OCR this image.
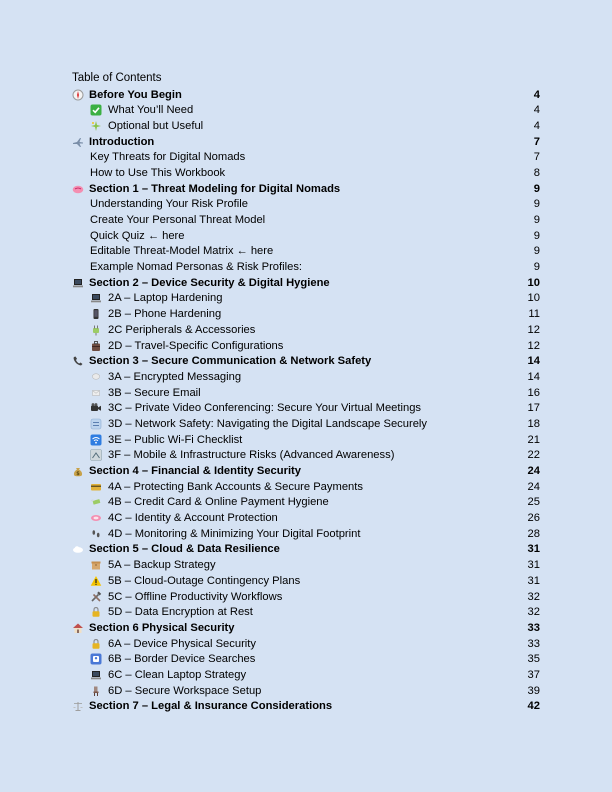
Table of Contents
Before You Begin	4
What You’ll Need	4
Optional but Useful	4
Introduction	7
Key Threats for Digital Nomads	7
How to Use This Workbook	8
Section 1 – Threat Modeling for Digital Nomads	9
Understanding Your Risk Profile	9
Create Your Personal Threat Model	9
Quick Quiz ← here	9
Editable Threat-Model Matrix ← here	9
Example Nomad Personas & Risk Profiles:	9
Section 2 – Device Security & Digital Hygiene	10
2A – Laptop Hardening	10
2B – Phone Hardening	11
2C Peripherals & Accessories	12
2D – Travel-Specific Configurations	12
Section 3 – Secure Communication & Network Safety	14
3A – Encrypted Messaging	14
3B – Secure Email	16
3C – Private Video Conferencing: Secure Your Virtual Meetings	17
3D – Network Safety: Navigating the Digital Landscape Securely	18
3E – Public Wi-Fi Checklist	21
3F – Mobile & Infrastructure Risks (Advanced Awareness)	22
$ Section 4 – Financial & Identity Security	24
4A – Protecting Bank Accounts & Secure Payments	24
4B – Credit Card & Online Payment Hygiene	25
4C – Identity & Account Protection	26
4D – Monitoring & Minimizing Your Digital Footprint	28
Section 5 – Cloud & Data Resilience	31
5A – Backup Strategy	31
5B – Cloud-Outage Contingency Plans	31
5C – Offline Productivity Workflows	32
5D – Data Encryption at Rest	32
Section 6 Physical Security	33
6A – Device Physical Security	33
6B – Border Device Searches	35
6C – Clean Laptop Strategy	37
6D – Secure Workspace Setup	39
Section 7 – Legal & Insurance Considerations	42
